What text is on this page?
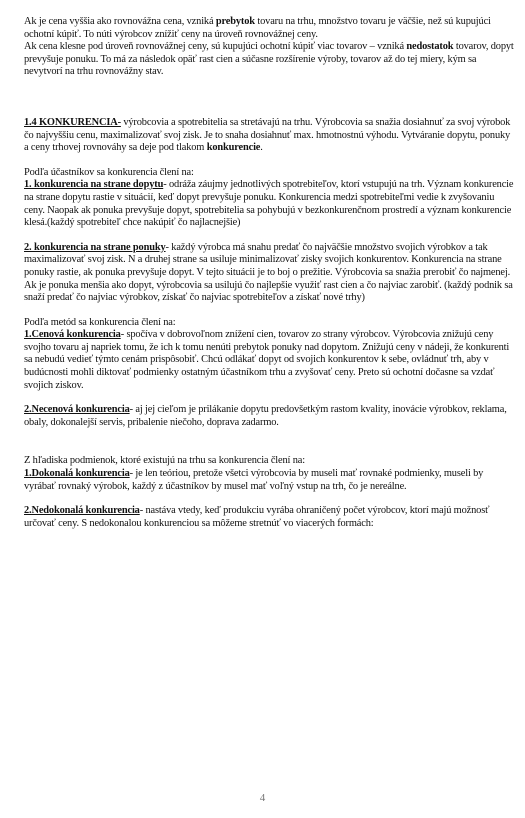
Ak je cena vyššia ako rovnovážna cena, vzniká prebytok tovaru na trhu, množstvo tovaru je väčšie, než sú kupujúci ochotní kúpiť. To núti výrobcov znížiť ceny na úroveň rovnovážnej ceny.

Ak cena klesne pod úroveň rovnovážnej ceny, sú kupujúci ochotní kúpiť viac tovarov – vzniká nedostatok tovarov, dopyt prevyšuje ponuku. To má za následok opäť rast cien a súčasne rozšírenie výroby, tovarov až do tej miery, kým sa nevytvorí na trhu rovnovážny stav.

1.4 KONKURENCIA- výrobcovia a spotrebitelia sa stretávajú na trhu. Výrobcovia sa snažia dosiahnuť za svoj výrobok čo najvyššiu cenu, maximalizovať svoj zisk. Je to snaha dosiahnuť max. hmotnostnú výhodu. Vytváranie dopytu, ponuky a ceny trhovej rovnováhy sa deje pod tlakom konkurencie.

Podľa účastníkov sa konkurencia člení na:

1. konkurencia na strane dopytu- odráža záujmy jednotlivých spotrebiteľov, ktorí vstupujú na trh. Význam konkurencie na strane dopytu rastie v situácií, keď dopyt prevyšuje ponuku. Konkurencia medzi spotrebiteľmi vedie k zvyšovaniu ceny. Naopak ak ponuka prevyšuje dopyt, spotrebitelia sa pohybujú v bezkonkurenčnom prostredí a význam konkurencie klesá.(každý spotrebiteľ chce nakúpiť čo najlacnejšie)

2. konkurencia na strane ponuky- každý výrobca má snahu predať čo najväčšie množstvo svojich výrobkov a tak maximalizovať svoj zisk. N a druhej strane sa usiluje minimalizovať zisky svojich konkurentov. Konkurencia na strane ponuky rastie, ak ponuka prevyšuje dopyt. V tejto situácii je to boj o prežitie. Výrobcovia sa snažia prerobiť čo najmenej. Ak je ponuka menšia ako dopyt, výrobcovia sa usilujú čo najlepšie využiť rast cien a čo najviac zarobiť. (každý podnik sa snaží predať čo najviac výrobkov, získať čo najviac spotrebiteľov a získať nové trhy)

Podľa metód sa konkurencia člení na:

1.Cenová konkurencia- spočíva v dobrovoľnom znížení cien, tovarov zo strany výrobcov. Výrobcovia znižujú ceny svojho tovaru aj napriek tomu, že ich k tomu nenúti prebytok ponuky nad dopytom. Znižujú ceny v nádeji, že konkurenti sa nebudú vedieť týmto cenám prispôsobiť. Chcú odlákať dopyt od svojich konkurentov k sebe, ovládnuť trh, aby v budúcnosti mohli diktovať podmienky ostatným účastníkom trhu a zvyšovať ceny. Preto sú ochotní dočasne sa vzdať svojich ziskov.

2.Necenová konkurencia- aj jej cieľom je prilákanie dopytu predovšetkým rastom kvality, inovácie výrobkov, reklama, obaly, dokonalejší servis, pribalenie niečoho, doprava zadarmo.

Z hľadiska podmienok, ktoré existujú na trhu sa konkurencia člení na:

1.Dokonalá konkurencia- je len teóriou, pretože všetci výrobcovia by museli mať rovnaké podmienky, museli by vyrábať rovnaký výrobok, každý z účastníkov by musel mať voľný vstup na trh, čo je nereálne.

2.Nedokonalá konkurencia- nastáva vtedy, keď produkciu vyrába ohraničený počet výrobcov, ktorí majú možnosť určovať ceny. S nedokonalou konkurenciou sa môžeme stretnúť vo viacerých formách:

4
